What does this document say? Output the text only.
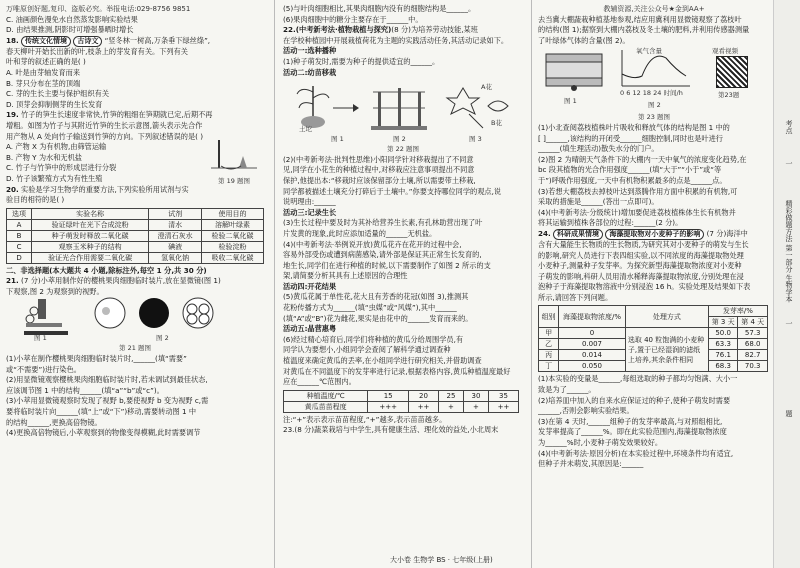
万唯原创好题,复印、盗版必究。举报电话:029-8756 9851
C. 油画颜色漫免水自然蒸发影响实验结果
D. 由结果推测,阴影时可增强暴晒时增长
18. 传统文化情境 古诗文 “竖冬林一树高,万条垂下绿丝绦”,
春天柳叶开始长出新的叶,枝条上的芽发育有关。下列有关
叶和芽的叙述正确的是( )
A. 叶是由芽轴发育而来
B. 芽只分布在茎的顶端
C. 芽的生长主要与保护组织有关
D. 顶芽会抑制侧芽的生长发育
19. 竹子的笋生长速度非常快,竹笋的粗细在笋期就已定,后期不再
增粗。如图为竹子与其附近竹笋的生长示意图,箭头表示先合作
用产物从 A 处向竹子输送到竹笋的方向。下列叙述错误的是( )
A. 产物 X 为有机物,由筛管运输
B. 产物 Y 为水和无机盐
C. 竹子与竹笋中的形成层进行分裂
D. 竹子该繁殖方式为有性生殖	第 19 题图
20. 实验是学习生物学的重要方法,下列实验所用试剂与实
验目的相符的是( )
选项	实验名称	试剂	使用目的
A	验证绿叶在光下合成淀粉	清水	溶解叶绿素
B	种子萌发时释放二氧化碳	澄清石灰水	检验二氧化碳
C	观察玉米种子的结构	碘液	检验淀粉
D	验证光合作用需要二氧化碳	氢氧化钠	吸收二氧化碳
二、非选择题(本大题共 4 小题,除标注外,每空 1 分,共 30 分)
21. (7 分)小萃用制作好的樱桃果肉细胞临时装片,放在显微镜(图 1)
下观察,图 2 为观察到的视野。
图 1	图 2
第 21 题图
(1)小萃在制作樱桃果肉细胞临时装片时,______(填“需要”
或“不需要”)进行染色。
(2)用显微镜观察樱桃果肉细胞临时装片时,若未调试到最佳状态,
应该调节图 1 中的结构______(填“a”“b”或“c”)。
(3)小萃用显微镜观察时发现了视野 b,要使视野 b 变为视野 c,需
要将临时装片向______(填“上”或“下”)移动,需要转动图 1 中
的结构______,更换高倍物镜。
(4)更换高倍物镜后,小萃观察到的物像变得模糊,此时需要调节
(5)与叶肉细胞相比,其果肉细胞内没有的细胞结构是______。
(6)果肉细胞中的糖分主要存在于______中。
22.(中考新考法·植物栽植与探究)(8 分)为培养劳动技能,某班
在学校种植园中开展栽植荷花为主题的实践活动任务,其活动记录如下。
活动一:选种播种
(1)种子萌发时,需要为种子的提供适宜的______。
活动二:幼苗移栽
土坨
图 1	图 2
A花
B花
图 3
第 22 题图
(2)(中考新考法·批判性思维)小阳同学针对移栽提出了不同意
见,同学在小花生的种植过程中,对移栽应注意事项提出不同意
保护,他提出本:“移栽时应该保留部分土壤,所以需要带土移栽,
同学都被描述土壤充分打碎后于土壤中。”你要支持哪位同学的观点,说
说明理由:______
活动三:记录生长
(3)生长过程中要及时为其补给营养生长素,有孔林助营出现了叶
片发黄的现象,此时应添加适量的______无机盐。
(4)(中考新考法·举例说开放)黄瓜花卉在花开的过程中会,
容易外部受伤或遭到病菌感染,请外部是保证其正常生长发育的,
地生长,同学们在进行种植的时候,以下需要制作了如图 2 所示的支
架,请简要分析其具有上述原因的合理性
活动四:开花结果
(5)黄瓜花属于单性花,花大且有芳香的花冠(如图 3),推测其
花粉传播方式为______(填“虫媒”或“风媒”),其中______
(填“A”或“B”)花为雌花,果实是由花中的______发育而来的。
活动五:晶营惠粤
(6)经过精心培育后,同学们将种植的黄瓜分给周围学员,有
同学认为要想小,小组同学会查阅了解科学通过调查种
植温度来确定黄瓜的丢率,在小组同学进行研究相关,并借助调查
对黄瓜在不同温度下的发芽率进行记录,根据表格内容,黄瓜种植温度最好
应在______℃范围内。
种植温度/℃	15	20	25	30	35
黄瓜苗苗程度	+++	++	+	+	++
注:“+”表示表示苗苗程度,“+”越多,表示苗苗越多。
23.(8 分)蔬菜栽培与中学生,具有健康生活、理化效的益处,小北周末
教辅资源,关注公众号★金到AA+
去当冀大棚蔬栽种植基地参观,结应用冀利用显微镜观察了荔枝叶
的结构(图 1);据察到大棚内荔枝及冬土壤的肥料,并利用传感器测量
了叶绿体气体的含量(图 2)。
图 1
氧气含量
0 6 12 18 24 时间/h
图 2
观看视频
第23题
第 23 题图
(1)小北查阅荔枝植株叶片吸收和释放气体的结构是图 1 中的
[ ]______,该结构的开闭受______细胞控制,同时也是叶进行
______(填生理活动)散失水分的门户。
(2)图 2 为晴朗天气条件下的大棚内一天中氧气的浓度变化趋势,在
bc 段其植物的光合作用强度______(填“大于”“小于”或“等
于”)呼吸作用强度,一天中有机物积累最多的点是______点。
(3)若想大棚荔枝去掉枝叶达到蒸腾作用方面中积累的有机物,可
采取的措施是______(答出一点即可)。
(4)(中考新考法·分级统计)增加要促进荔枝植株体生长有机物并
将其运输到植株各部位的过程:______(2 分)。
24. 科研成果情境 海藻提取物对小麦种子的影响 (7 分)海洋中
含有大量能生长物质的生长物质,为研究其对小麦种子的萌发与生长
的影响,研究人员进行下表四组实验,以不同浓度的海藻提取物处理
小麦种子,测量种子发芽率。为探究新型海藻提取物浓度对小麦种
子萌发的影响,科研人员用清水稀释海藻提取物浓度,分别处理在浸
泡种子于海藻提取物溶液中分别浸泡 16 h。实验处理及结果如下表
所示,请回答下列问题。
组别	海藻提取物浓度/%	处理方式	发芽率/%	
			第 3 天	第 4 天
甲	0	选取 40 粒饱满的小麦种子,置于已经湿润的滤纸上培养,其余条件相同	50.0	57.3
乙	0.007		63.3	68.0
丙	0.014		76.1	82.7
丁	0.050		68.3	70.3
(1)本实验的变量是______,每组选取的种子都均匀饱满、大小一
致是为了______。
(2)培养皿中加入的自来水应保证过的种子,使种子萌发时需要
______,否则会影响实验结果。
(3)在第 4 天时,______组种子的发芽率最高,与对照组相比,
发芽率提高了______%。即在此实验范围内,海藻提取物浓度
为______%时,小麦种子萌发效果较好。
(4)(中考新考法·原因分析)在本实验过程中,环境条件均有适宜,
但种子并未萌发,其原因是:______
考点
一
精彩做题方法 第一部分 生物学本
一
题
大小卷 生物学 BS · 七年级(上册)
